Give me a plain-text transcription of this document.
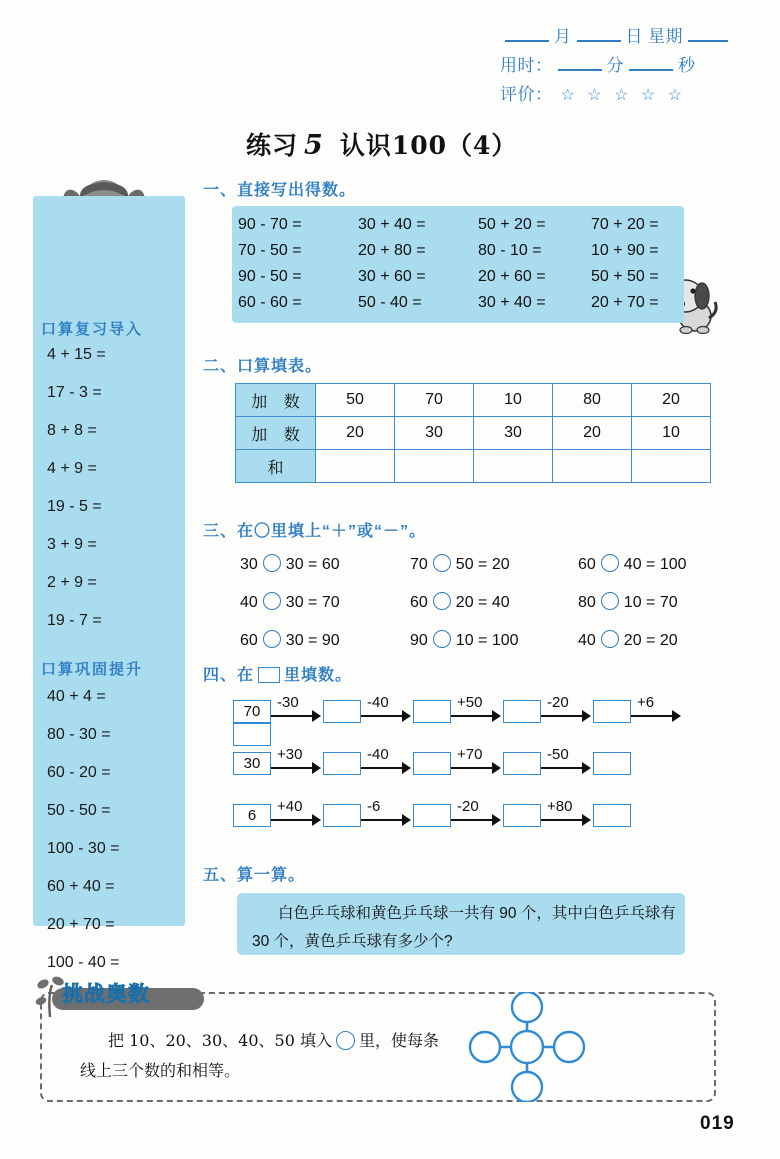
月	日 星期
用时：	分	秒
评价： ☆ ☆ ☆ ☆ ☆
练习 5 认识100（4）
口算复习导入
4 + 15 =
17 - 3 =
8 + 8 =
4 + 9 =
19 - 5 =
3 + 9 =
2 + 9 =
19 - 7 =
口算巩固提升
40 + 4 =
80 - 30 =
60 - 20 =
50 - 50 =
100 - 30 =
60 + 40 =
20 + 70 =
100 - 40 =
一、直接写出得数。
90 - 70 =	30 + 40 =	50 + 20 =	70 + 20 =
70 - 50 =	20 + 80 =	80 - 10 =	10 + 90 =
90 - 50 =	30 + 60 =	20 + 60 =	50 + 50 =
60 - 60 =	50 - 40 =	30 + 40 =	20 + 70 =
二、口算填表。
加 数	50	70	10	80	20
加 数	20	30	30	20	10
和					
三、在〇里填上“＋”或“－”。
30 30 = 60	70 50 = 20	60 40 = 100
40 30 = 70	60 20 = 40	80 10 = 70
60 30 = 90	90 10 = 100	40 20 = 20
四、在 里填数。
70
-30	-40	+50	-20	+6
30
+30	-40	+70	-50
6
+40	-6	-20	+80
五、算一算。
白色乒乓球和黄色乒乓球一共有 90 个，其中白色乒乓球有 30 个，黄色乒乓球有多少个?
挑战奥数
把 10、20、30、40、50 填入 里，使每条线上三个数的和相等。
019
